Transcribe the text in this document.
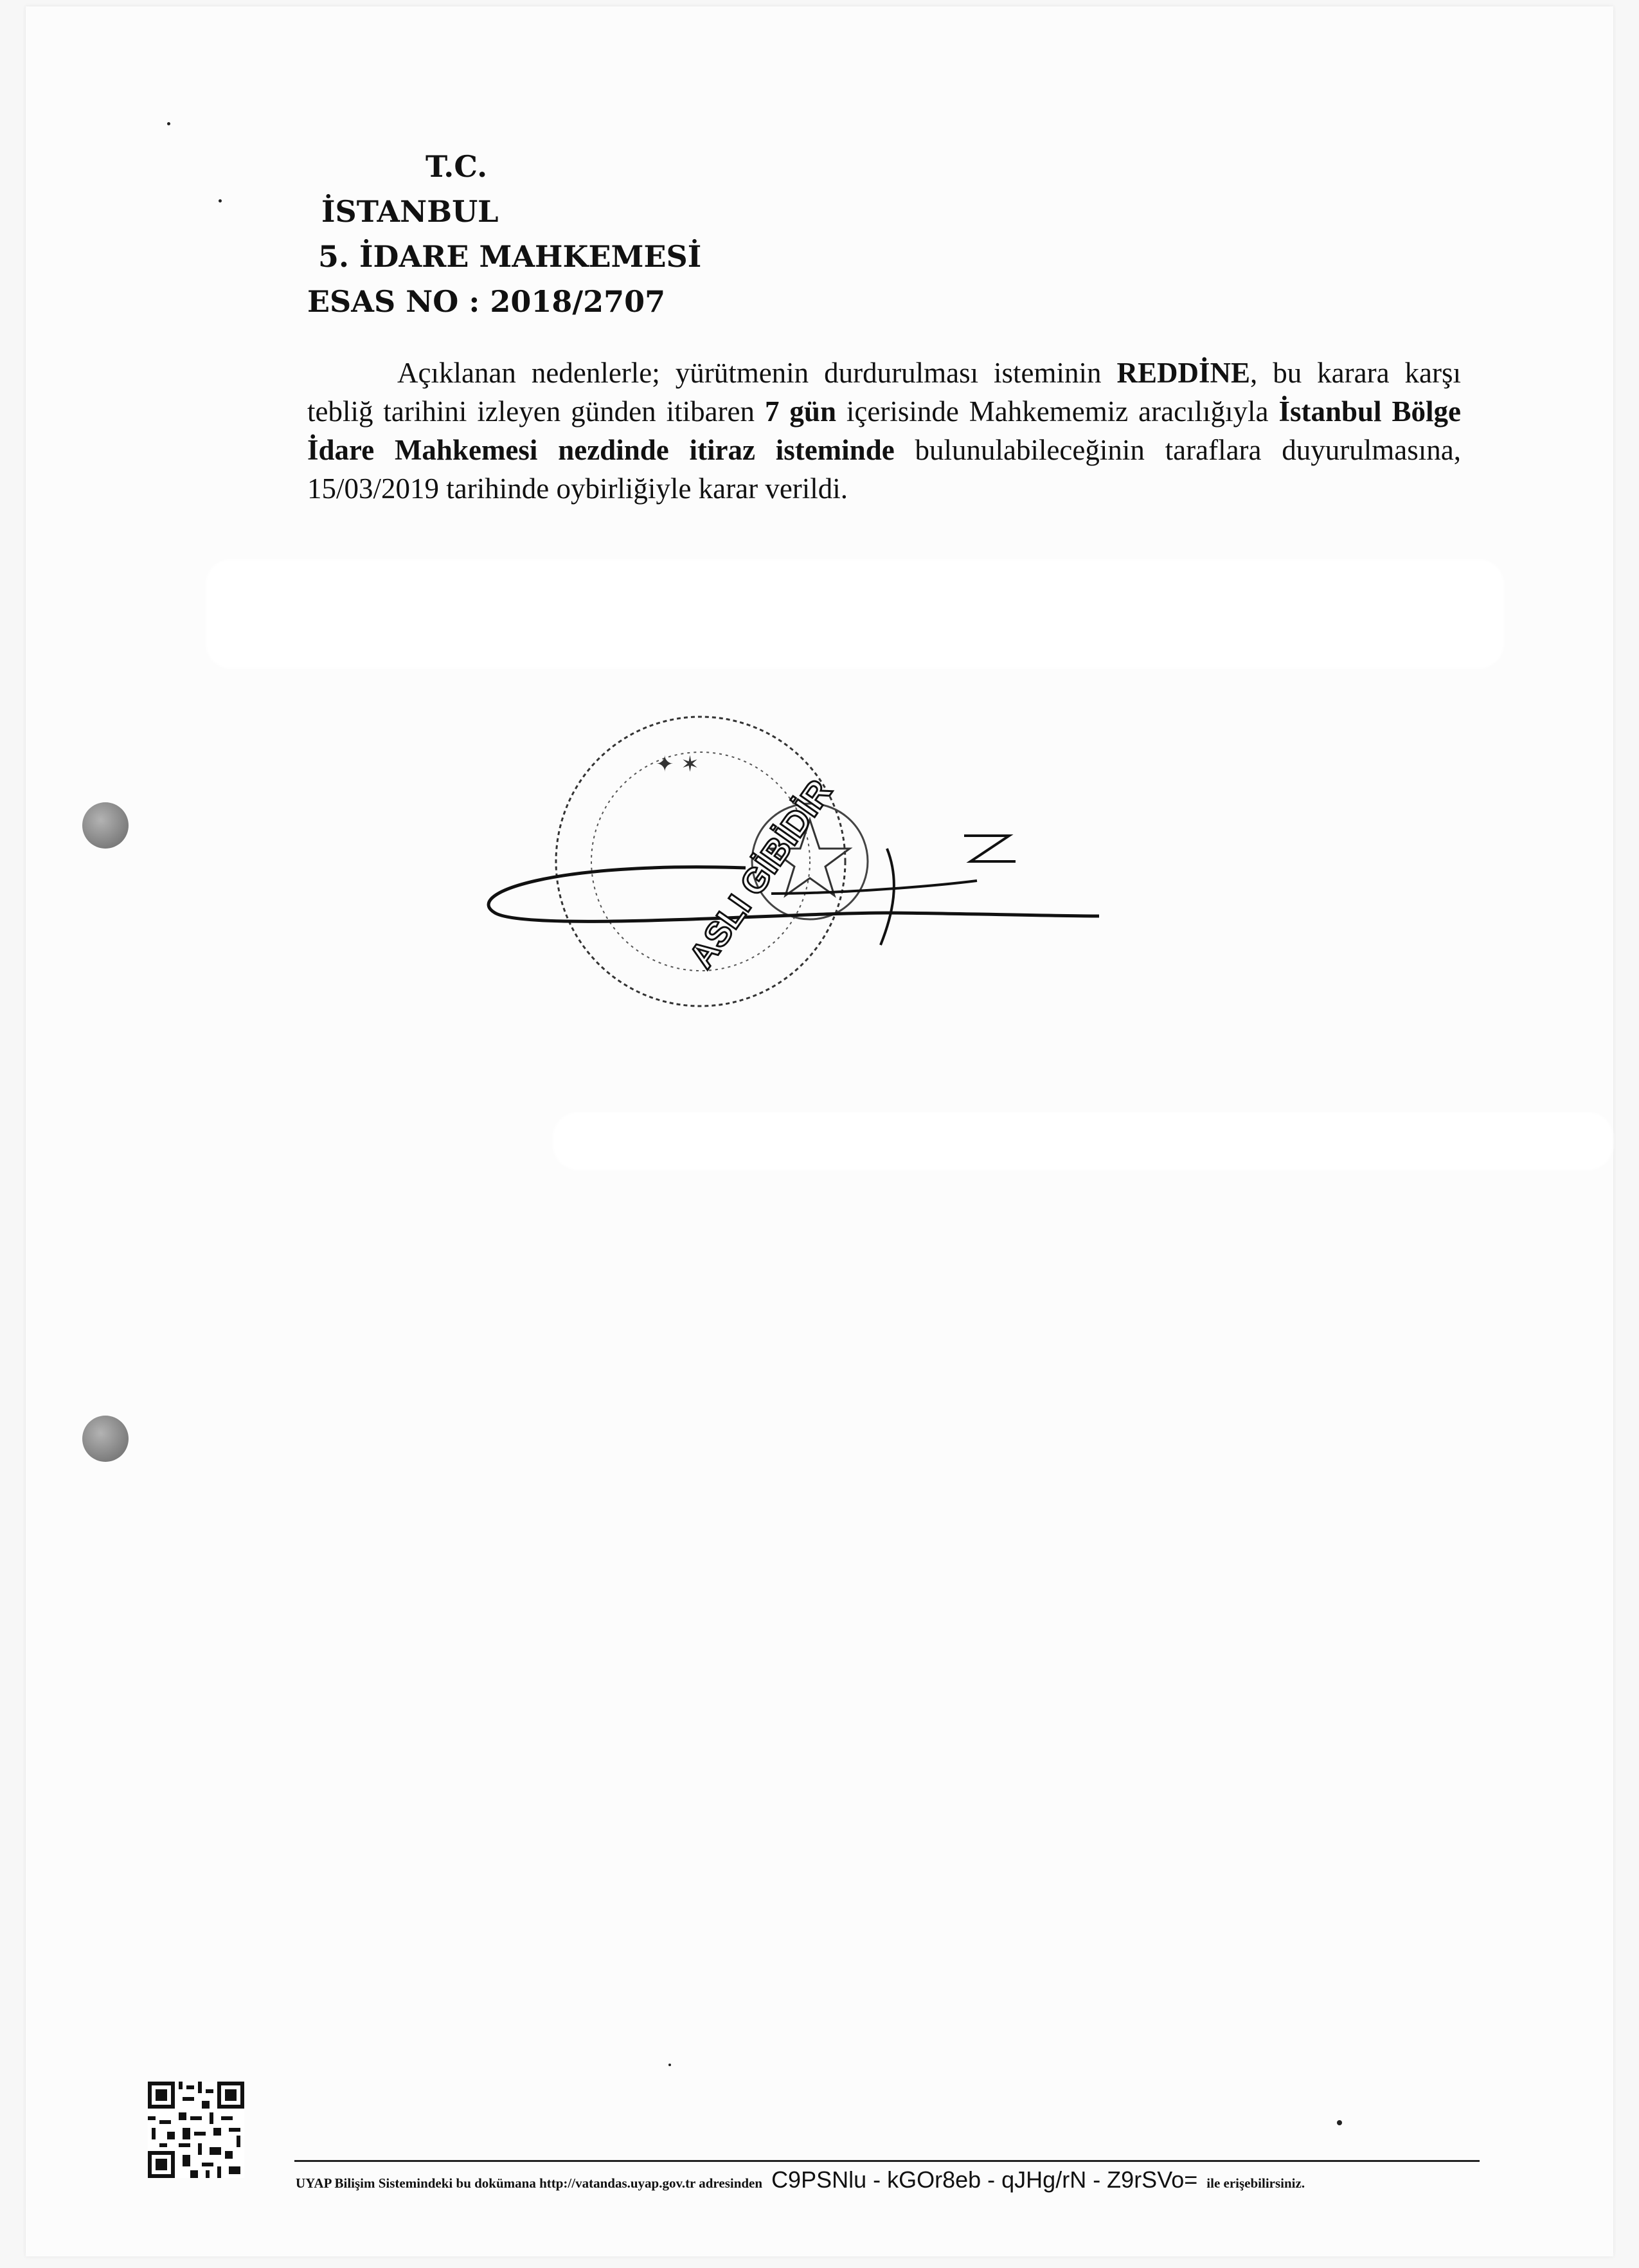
T.C.
İSTANBUL
5. İDARE MAHKEMESİ
ESAS NO : 2018/2707
Açıklanan nedenlerle; yürütmenin durdurulması isteminin REDDİNE, bu karara karşı tebliğ tarihini izleyen günden itibaren 7 gün içerisinde Mahkememiz aracılığıyla İstanbul Bölge İdare Mahkemesi nezdinde itiraz isteminde bulunulabileceğinin taraflara duyurulmasına, 15/03/2019 tarihinde oybirliğiyle karar verildi.
✦ ✶
ASLI GİBİDİR
UYAP Bilişim Sistemindeki bu dokümana http://vatandas.uyap.gov.tr adresinden C9PSNlu - kGOr8eb - qJHg/rN - Z9rSVo= ile erişebilirsiniz.
